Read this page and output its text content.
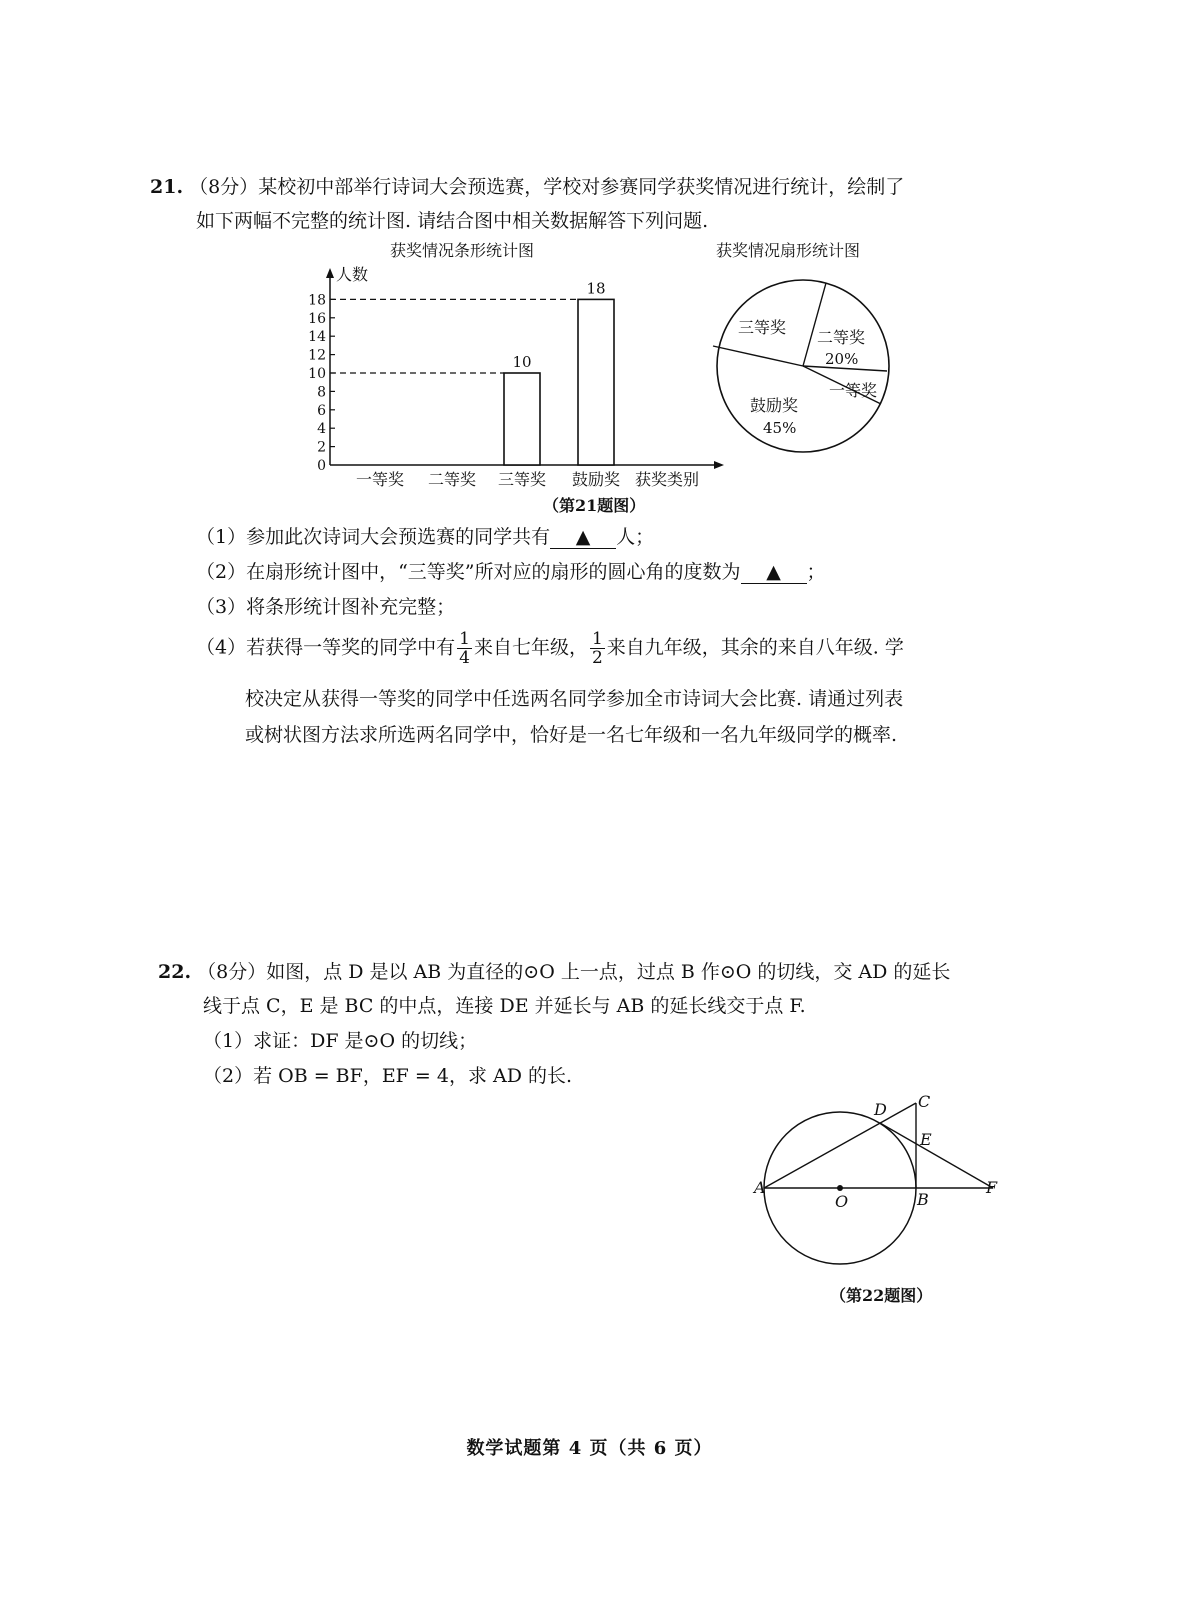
21. （8分）某校初中部举行诗词大会预选赛，学校对参赛同学获奖情况进行统计，绘制了
如下两幅不完整的统计图. 请结合图中相关数据解答下列问题.
获奖情况条形统计图	获奖情况扇形统计图
人数
获奖类别
0
2
4
6
8
10
12
14
16
18
10
18
一等奖 二等奖 三等奖 鼓励奖
三等奖
二等奖
20%
一等奖
鼓励奖
45%
（第21题图）
（1）参加此次诗词大会预选赛的同学共有 ▲ 人；
（2）在扇形统计图中，“三等奖”所对应的扇形的圆心角的度数为 ▲ ；
（3）将条形统计图补充完整；
（4）若获得一等奖的同学中有 $\frac{1}{4}$ 来自七年级， $\frac{1}{2}$ 来自九年级，其余的来自八年级. 学
校决定从获得一等奖的同学中任选两名同学参加全市诗词大会比赛. 请通过列表
或树状图方法求所选两名同学中，恰好是一名七年级和一名九年级同学的概率.
22. （8分）如图，点 D 是以 AB 为直径的⊙O 上一点，过点 B 作⊙O 的切线，交 AD 的延长
线于点 C，E 是 BC 的中点，连接 DE 并延长与 AB 的延长线交于点 F.
（1）求证：DF 是⊙O 的切线；
（2）若 OB = BF，EF = 4，求 AD 的长.
A
O	B
F
D C
E
（第22题图）
数学试题第 4 页（共 6 页）
